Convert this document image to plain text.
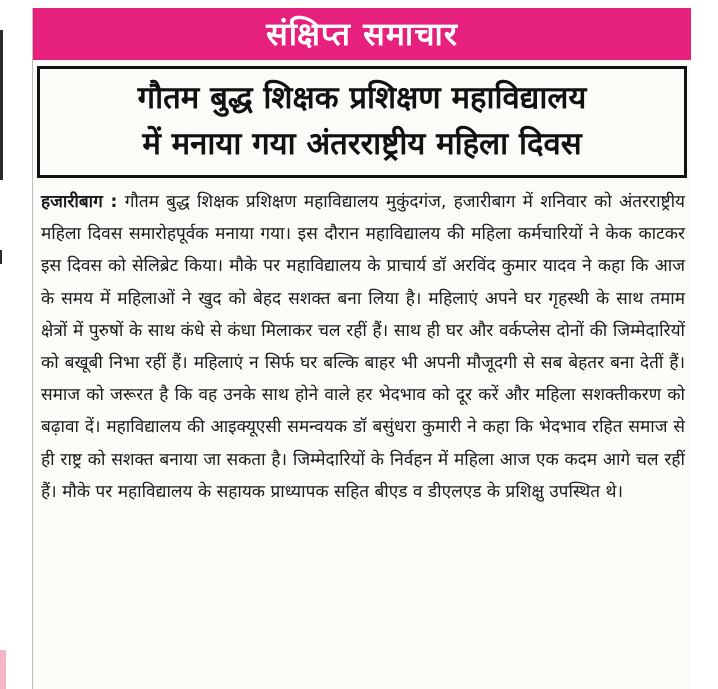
संक्षिप्त समाचार
गौतम बुद्ध शिक्षक प्रशिक्षण महाविद्यालय
में मनाया गया अंतरराष्ट्रीय महिला दिवस

हजारीबाग : गौतम बुद्ध शिक्षक प्रशिक्षण महाविद्यालय मुकुंदगंज, हजारीबाग में शनिवार को अंतरराष्ट्रीय महिला दिवस समारोहपूर्वक मनाया गया। इस दौरान महाविद्यालय की महिला कर्मचारियों ने केक काटकर इस दिवस को सेलिब्रेट किया। मौके पर महाविद्यालय के प्राचार्य डॉ अरविंद कुमार यादव ने कहा कि आज के समय में महिलाओं ने खुद को बेहद सशक्त बना लिया है। महिलाएं अपने घर गृहस्थी के साथ तमाम क्षेत्रों में पुरुषों के साथ कंधे से कंधा मिलाकर चल रहीं हैं। साथ ही घर और वर्कप्लेस दोनों की जिम्मेदारियों को बखूबी निभा रहीं हैं। महिलाएं न सिर्फ घर बल्कि बाहर भी अपनी मौजूदगी से सब बेहतर बना देतीं हैं। समाज को जरूरत है कि वह उनके साथ होने वाले हर भेदभाव को दूर करें और महिला सशक्तीकरण को बढ़ावा दें। महाविद्यालय की आइक्यूएसी समन्वयक डॉ बसुंधरा कुमारी ने कहा कि भेदभाव रहित समाज से ही राष्ट्र को सशक्त बनाया जा सकता है। जिम्मेदारियों के निर्वहन में महिला आज एक कदम आगे चल रहीं हैं। मौके पर महाविद्यालय के सहायक प्राध्यापक सहित बीएड व डीएलएड के प्रशिक्षु उपस्थित थे।
